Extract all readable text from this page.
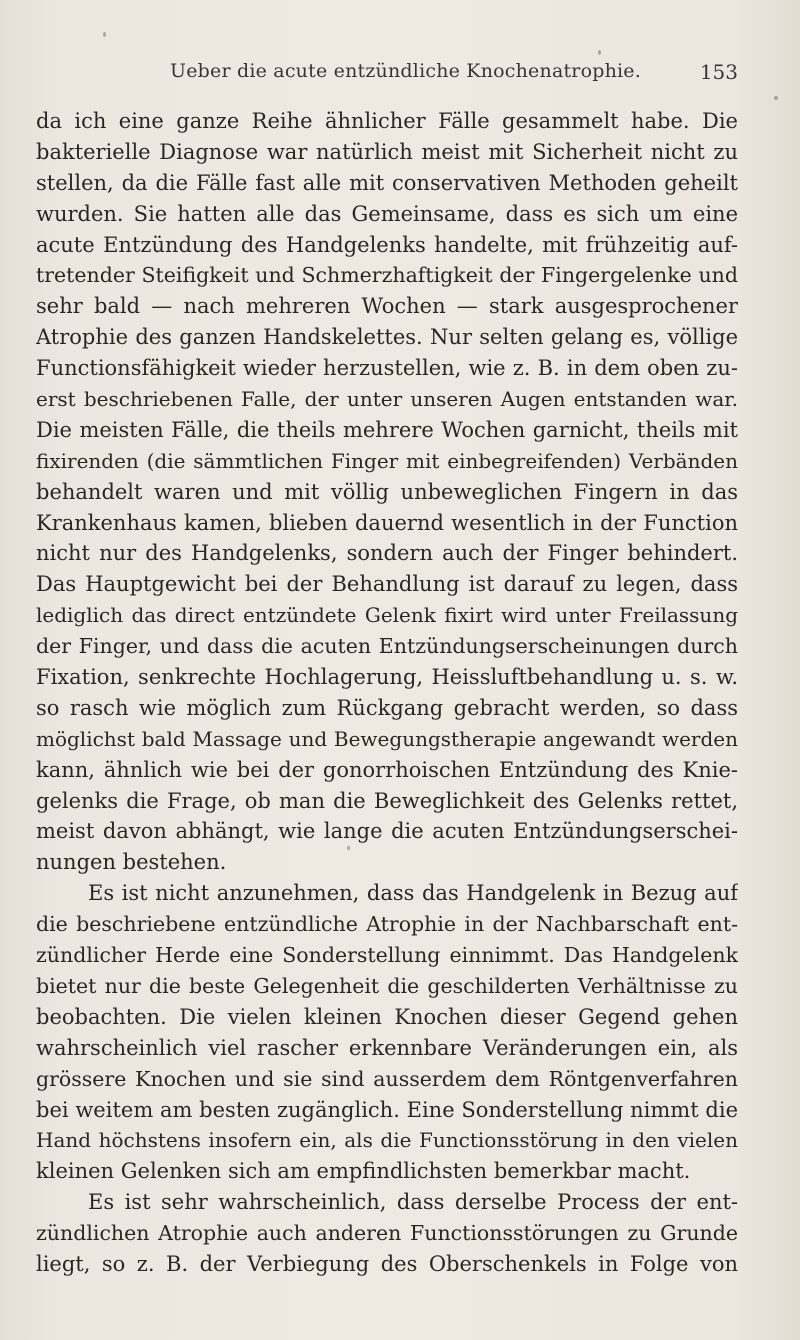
Ueber die acute entzündliche Knochenatrophie.	153
da ich eine ganze Reihe ähnlicher Fälle gesammelt habe. Die
bakterielle Diagnose war natürlich meist mit Sicherheit nicht zu
stellen, da die Fälle fast alle mit conservativen Methoden geheilt
wurden. Sie hatten alle das Gemeinsame, dass es sich um eine
acute Entzündung des Handgelenks handelte, mit frühzeitig auf-
tretender Steifigkeit und Schmerzhaftigkeit der Fingergelenke und
sehr bald — nach mehreren Wochen — stark ausgesprochener
Atrophie des ganzen Handskelettes. Nur selten gelang es, völlige
Functionsfähigkeit wieder herzustellen, wie z. B. in dem oben zu-
erst beschriebenen Falle, der unter unseren Augen entstanden war.
Die meisten Fälle, die theils mehrere Wochen garnicht, theils mit
fixirenden (die sämmtlichen Finger mit einbegreifenden) Verbänden
behandelt waren und mit völlig unbeweglichen Fingern in das
Krankenhaus kamen, blieben dauernd wesentlich in der Function
nicht nur des Handgelenks, sondern auch der Finger behindert.
Das Hauptgewicht bei der Behandlung ist darauf zu legen, dass
lediglich das direct entzündete Gelenk fixirt wird unter Freilassung
der Finger, und dass die acuten Entzündungserscheinungen durch
Fixation, senkrechte Hochlagerung, Heissluftbehandlung u. s. w.
so rasch wie möglich zum Rückgang gebracht werden, so dass
möglichst bald Massage und Bewegungstherapie angewandt werden
kann, ähnlich wie bei der gonorrhoischen Entzündung des Knie-
gelenks die Frage, ob man die Beweglichkeit des Gelenks rettet,
meist davon abhängt, wie lange die acuten Entzündungserschei-
nungen bestehen.
Es ist nicht anzunehmen, dass das Handgelenk in Bezug auf
die beschriebene entzündliche Atrophie in der Nachbarschaft ent-
zündlicher Herde eine Sonderstellung einnimmt. Das Handgelenk
bietet nur die beste Gelegenheit die geschilderten Verhältnisse zu
beobachten. Die vielen kleinen Knochen dieser Gegend gehen
wahrscheinlich viel rascher erkennbare Veränderungen ein, als
grössere Knochen und sie sind ausserdem dem Röntgenverfahren
bei weitem am besten zugänglich. Eine Sonderstellung nimmt die
Hand höchstens insofern ein, als die Functionsstörung in den vielen
kleinen Gelenken sich am empfindlichsten bemerkbar macht.
Es ist sehr wahrscheinlich, dass derselbe Process der ent-
zündlichen Atrophie auch anderen Functionsstörungen zu Grunde
liegt, so z. B. der Verbiegung des Oberschenkels in Folge von
